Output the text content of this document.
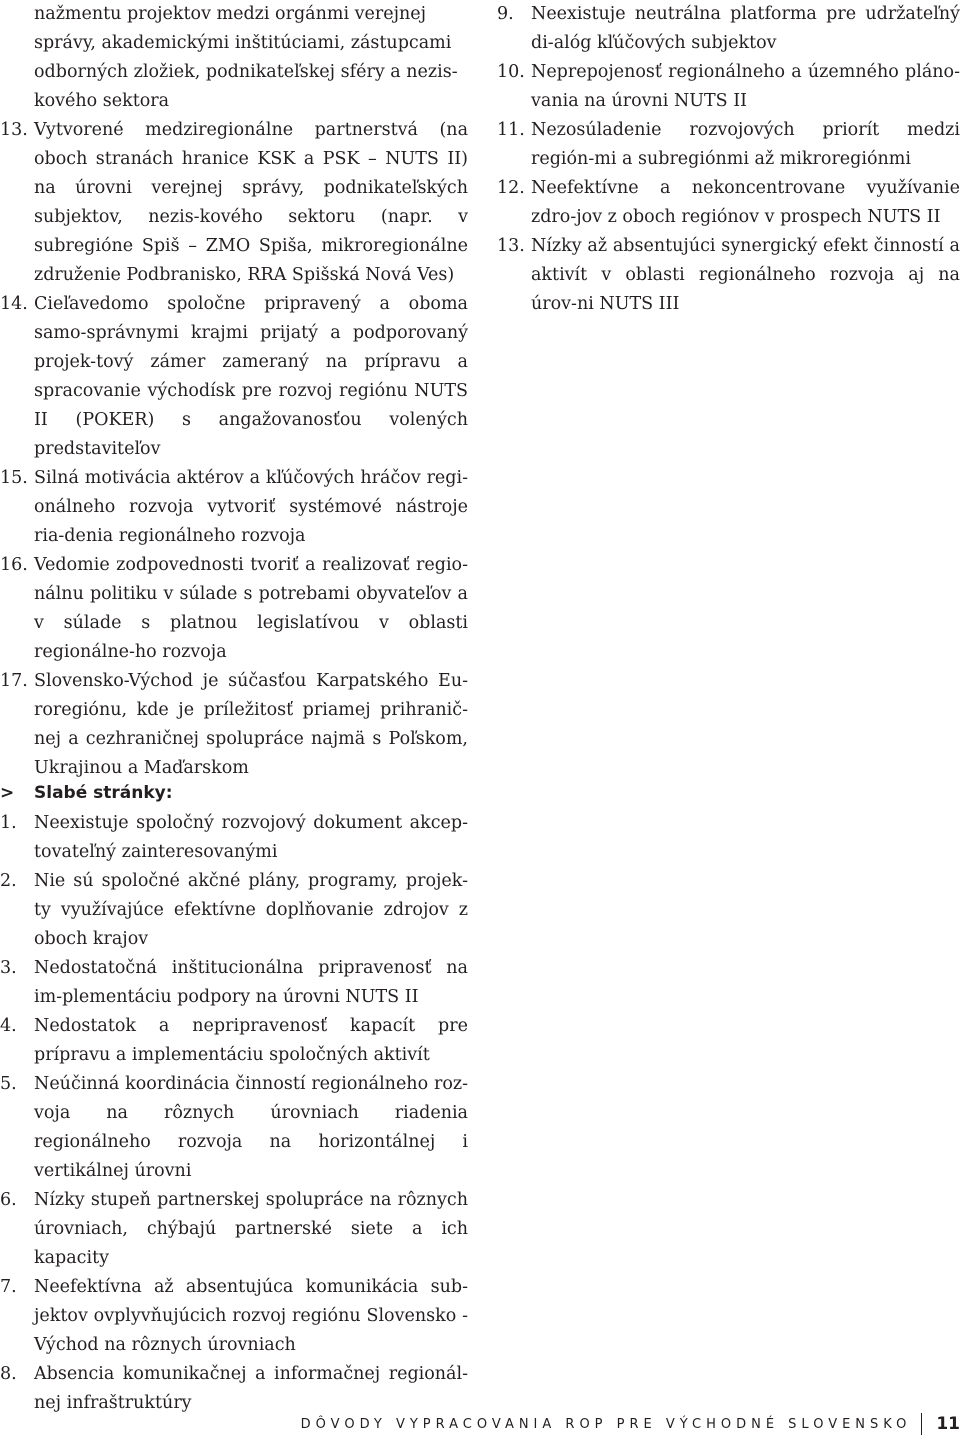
nažmentu projektov medzi orgánmi verejnej
správy, akademickými inštitúciami, zástupcami
odborných zložiek, podnikateľskej sféry a nezis-
kového sektora
13. Vytvorené medziregionálne partnerstvá (na oboch stranách hranice KSK a PSK – NUTS II) na úrovni verejnej správy, podnikateľských subjektov, nezis-kového sektoru (napr. v subregióne Spiš – ZMO Spiša, mikroregionálne združenie Podbranisko, RRA Spišská Nová Ves)
14. Cieľavedomo spoločne pripravený a oboma samo-správnymi krajmi prijatý a podporovaný projek-tový zámer zameraný na prípravu a spracovanie východísk pre rozvoj regiónu NUTS II (POKER) s angažovanosťou volených predstaviteľov
15. Silná motivácia aktérov a kľúčových hráčov regi-onálneho rozvoja vytvoriť systémové nástroje ria-denia regionálneho rozvoja
16. Vedomie zodpovednosti tvoriť a realizovať regio-nálnu politiku v súlade s potrebami obyvateľov a v súlade s platnou legislatívou v oblasti regionálne-ho rozvoja
17. Slovensko-Východ je súčasťou Karpatského Eu-roregiónu, kde je príležitosť priamej prihranič-nej a cezhraničnej spolupráce najmä s Poľskom, Ukrajinou a Maďarskom
>	Slabé stránky:
1. Neexistuje spoločný rozvojový dokument akcep-tovateľný zainteresovanými
2. Nie sú spoločné akčné plány, programy, projek-ty využívajúce efektívne doplňovanie zdrojov z oboch krajov
3. Nedostatočná inštitucionálna pripravenosť na im-plementáciu podpory na úrovni NUTS II
4. Nedostatok a nepripravenosť kapacít pre prípravu a implementáciu spoločných aktivít
5. Neúčinná koordinácia činností regionálneho roz-voja na rôznych úrovniach riadenia regionálneho rozvoja na horizontálnej i vertikálnej úrovni
6. Nízky stupeň partnerskej spolupráce na rôznych úrovniach, chýbajú partnerské siete a ich kapacity
7. Neefektívna až absentujúca komunikácia sub-jektov ovplyvňujúcich rozvoj regiónu Slovensko - Východ na rôznych úrovniach
8. Absencia komunikačnej a informačnej regionál-nej infraštruktúry
9. Neexistuje neutrálna platforma pre udržateľný di-alóg kľúčových subjektov
10. Neprepojenosť regionálneho a územného pláno-vania na úrovni NUTS II
11. Nezosúladenie rozvojových priorít medzi región-mi a subregiónmi až mikroregiónmi
12. Neefektívne a nekoncentrovane využívanie zdro-jov z oboch regiónov v prospech NUTS II
13. Nízky až absentujúci synergický efekt činností a aktivít v oblasti regionálneho rozvoja aj na úrov-ni NUTS III
DÔVODY VYPRACOVANIA ROP PRE VÝCHODNÉ SLOVENSKO 11
